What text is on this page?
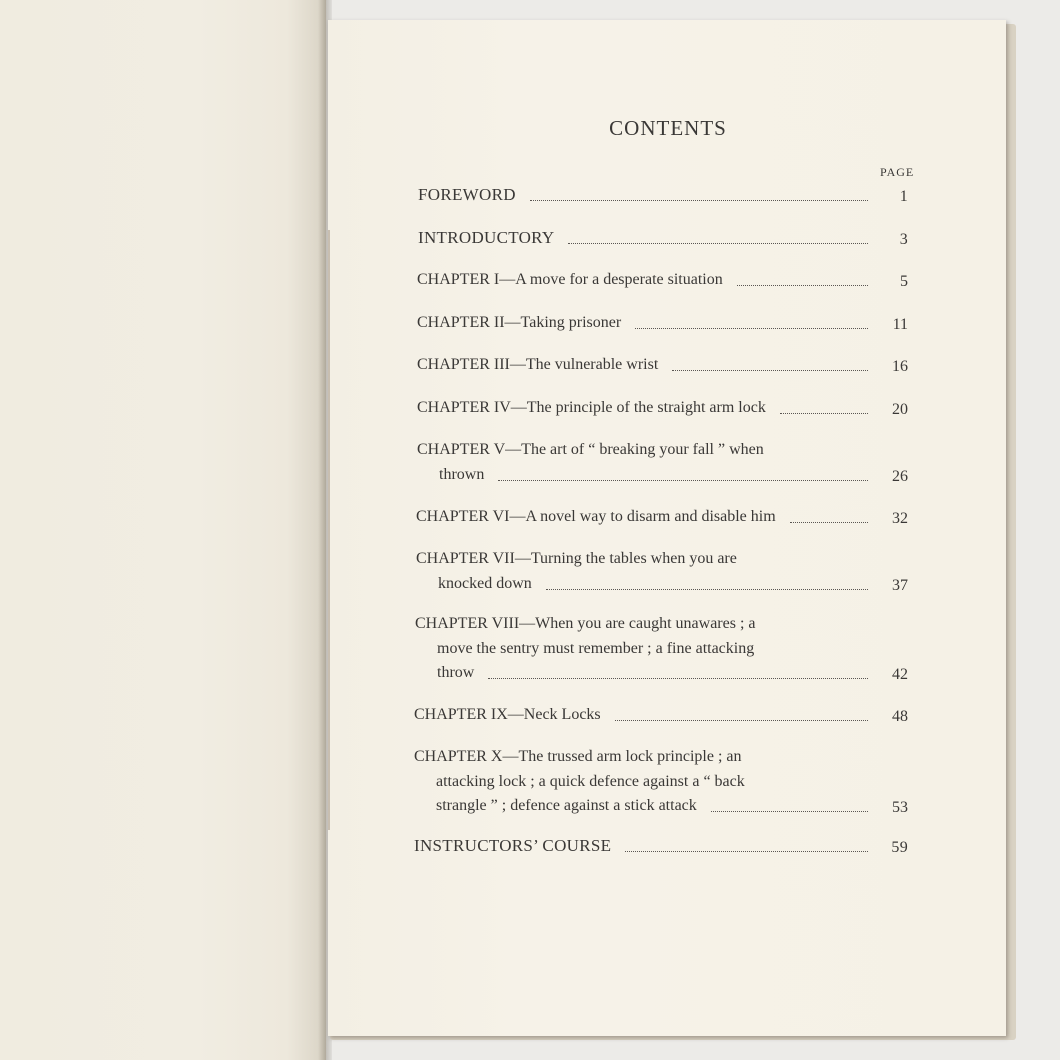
CONTENTS
PAGE
FOREWORD	1
INTRODUCTORY	3
CHAPTER I—A move for a desperate situation	5
CHAPTER II—Taking prisoner	11
CHAPTER III—The vulnerable wrist	16
CHAPTER IV—The principle of the straight arm lock	20
CHAPTER V—The art of “ breaking your fall ” when
thrown	26
CHAPTER VI—A novel way to disarm and disable him	32
CHAPTER VII—Turning the tables when you are
knocked down	37
CHAPTER VIII—When you are caught unawares ; a
move the sentry must remember ; a fine attacking
throw	42
CHAPTER IX—Neck Locks	48
CHAPTER X—The trussed arm lock principle ; an
attacking lock ; a quick defence against a “ back
strangle ” ; defence against a stick attack	53
INSTRUCTORS’ COURSE	59
